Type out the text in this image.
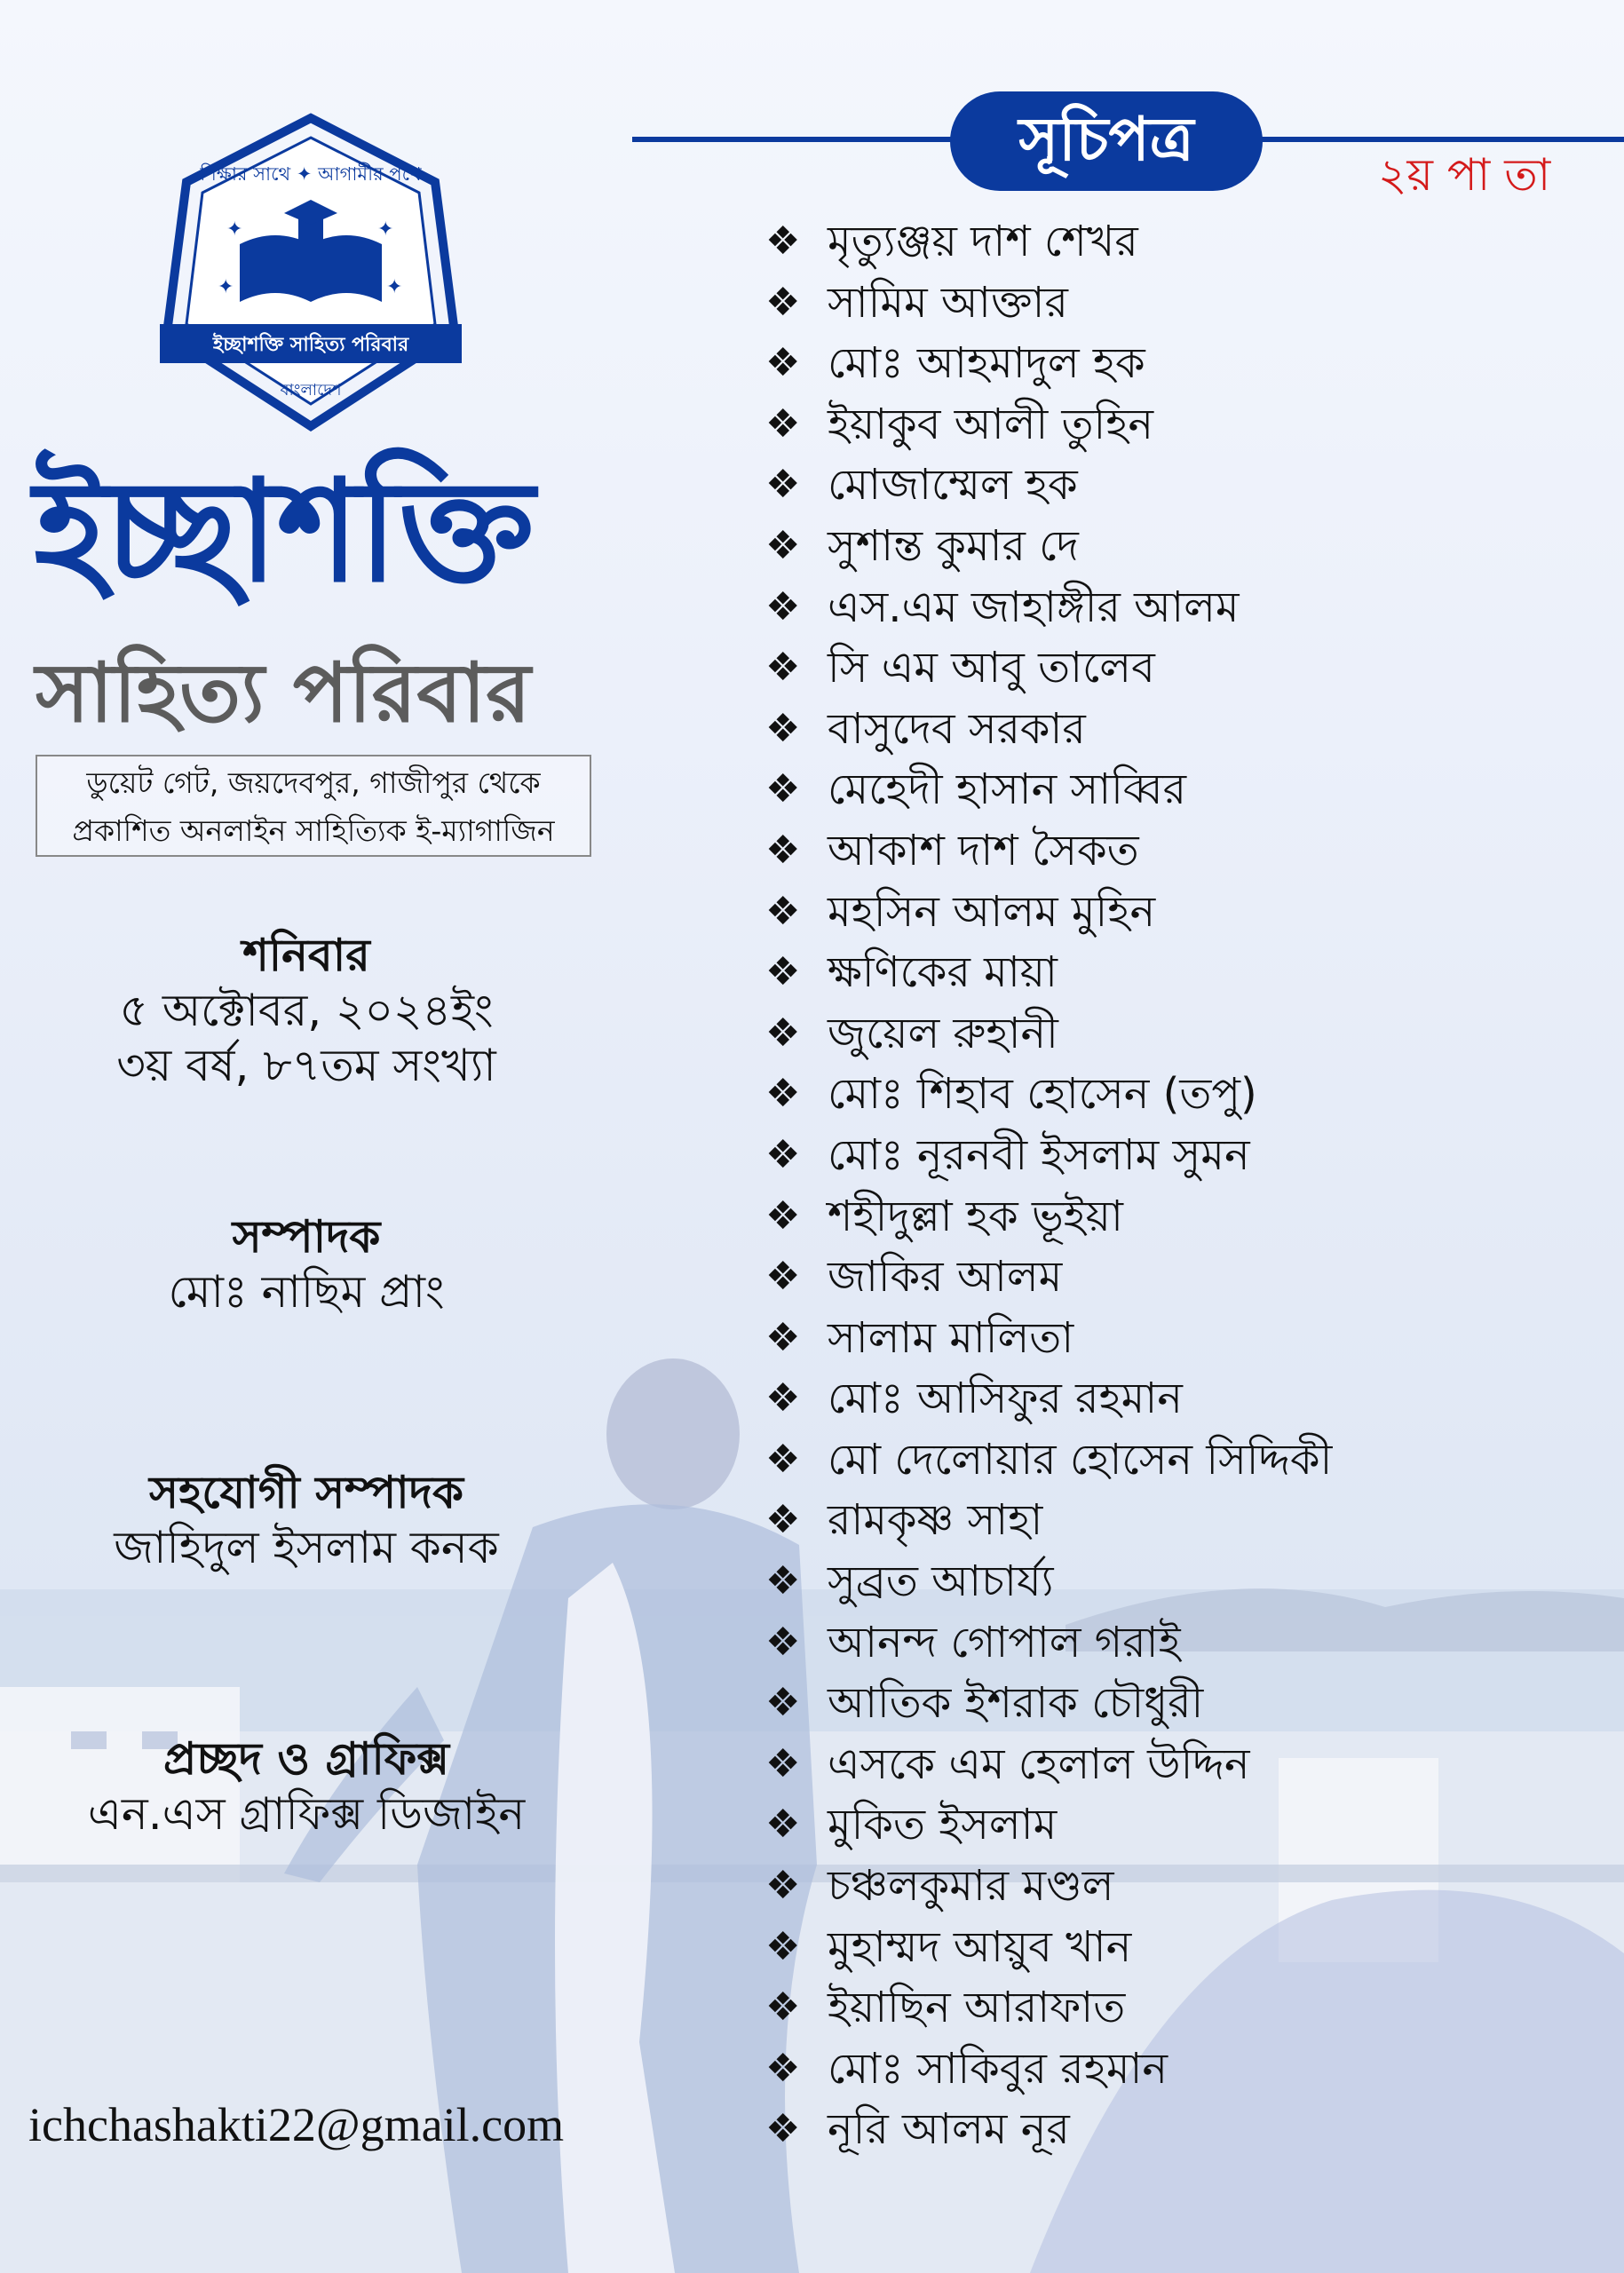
শিক্ষার সাথে ✦ আগামীর পথে
✦	✦
✦	✦
ইচ্ছাশক্তি সাহিত্য পরিবার
বাংলাদেশ
ইচ্ছাশক্তি
সাহিত্য পরিবার
ডুয়েট গেট, জয়দেবপুর, গাজীপুর থেকে
প্রকাশিত অনলাইন সাহিত্যিক ই-ম্যাগাজিন
শনিবার
৫ অক্টোবর, ২০২৪ইং
৩য় বর্ষ, ৮৭তম সংখ্যা
সম্পাদক
মোঃ নাছিম প্রাং
সহযোগী সম্পাদক
জাহিদুল ইসলাম কনক
প্রচ্ছদ ও গ্রাফিক্স
এন.এস গ্রাফিক্স ডিজাইন
ichchashakti22@gmail.com
সূচিপত্র	২য় পা তা
❖ মৃত্যুঞ্জয় দাশ শেখর
❖ সামিম আক্তার
❖ মোঃ আহমাদুল হক
❖ ইয়াকুব আলী তুহিন
❖ মোজাম্মেল হক
❖ সুশান্ত কুমার দে
❖ এস.এম জাহাঙ্গীর আলম
❖ সি এম আবু তালেব
❖ বাসুদেব সরকার
❖ মেহেদী হাসান সাব্বির
❖ আকাশ দাশ সৈকত
❖ মহসিন আলম মুহিন
❖ ক্ষণিকের মায়া
❖ জুয়েল রুহানী
❖ মোঃ শিহাব হোসেন (তপু)
❖ মোঃ নূরনবী ইসলাম সুমন
❖ শহীদুল্লা হক ভূইয়া
❖ জাকির আলম
❖ সালাম মালিতা
❖ মোঃ আসিফুর রহমান
❖ মো দেলোয়ার হোসেন সিদ্দিকী
❖ রামকৃষ্ণ সাহা
❖ সুব্রত আচার্য্য
❖ আনন্দ গোপাল গরাই
❖ আতিক ইশরাক চৌধুরী
❖ এসকে এম হেলাল উদ্দিন
❖ মুকিত ইসলাম
❖ চঞ্চলকুমার মণ্ডল
❖ মুহাম্মদ আয়ুব খান
❖ ইয়াছিন আরাফাত
❖ মোঃ সাকিবুর রহমান
❖ নূরি আলম নূর
